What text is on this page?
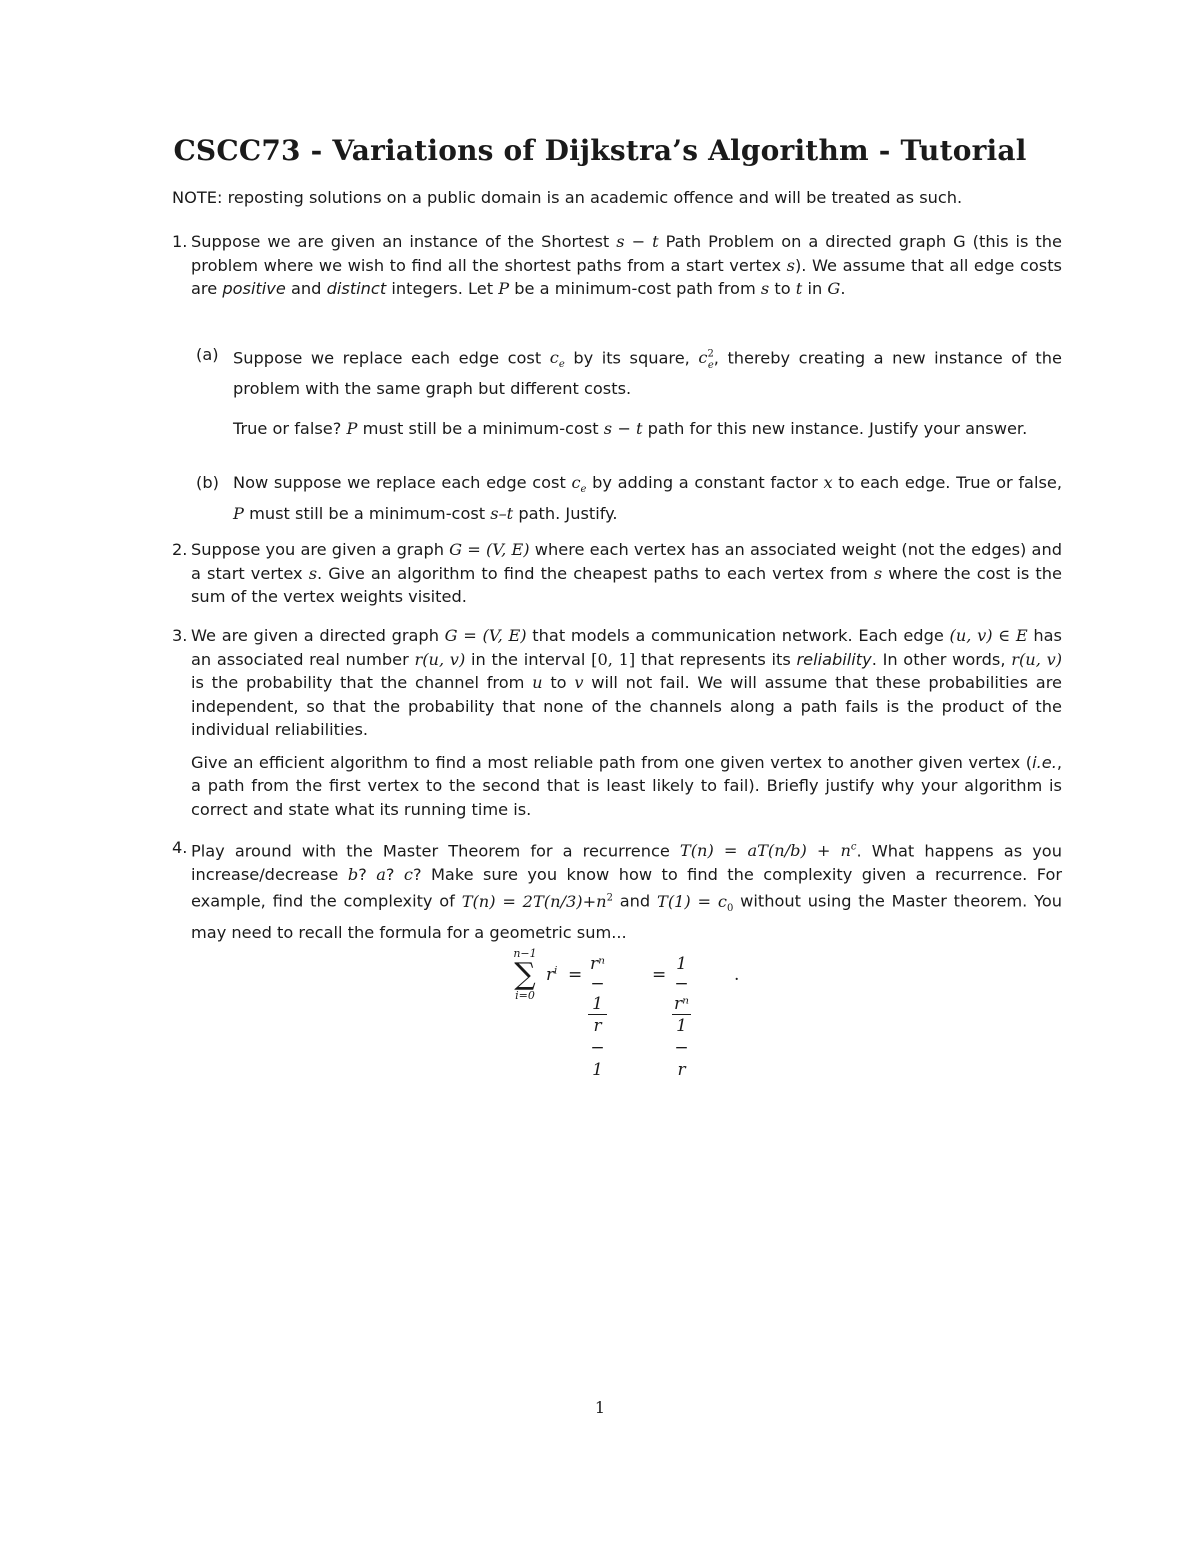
CSCC73 - Variations of Dijkstra’s Algorithm - Tutorial

NOTE: reposting solutions on a public domain is an academic offence and will be treated as such.

1. Suppose we are given an instance of the Shortest s − t Path Problem on a directed graph G (this is the problem where we wish to find all the shortest paths from a start vertex s). We assume that all edge costs are positive and distinct integers. Let P be a minimum-cost path from s to t in G.

(a) Suppose we replace each edge cost $c_e$ by its square, $c^2_e$, thereby creating a new instance of the problem with the same graph but different costs.

True or false? P must still be a minimum-cost s − t path for this new instance. Justify your answer.

(b) Now suppose we replace each edge cost $c_e$ by adding a constant factor x to each edge. True or false, P must still be a minimum-cost s–t path. Justify.

2. Suppose you are given a graph G = (V, E) where each vertex has an associated weight (not the edges) and a start vertex s. Give an algorithm to find the cheapest paths to each vertex from s where the cost is the sum of the vertex weights visited.

3. We are given a directed graph G = (V, E) that models a communication network. Each edge (u, v) ∈ E has an associated real number r(u, v) in the interval [0, 1] that represents its reliability. In other words, r(u, v) is the probability that the channel from u to v will not fail. We will assume that these probabilities are independent, so that the probability that none of the channels along a path fails is the product of the individual reliabilities.

Give an efficient algorithm to find a most reliable path from one given vertex to another given vertex (i.e., a path from the first vertex to the second that is least likely to fail). Briefly justify why your algorithm is correct and state what its running time is.

4. Play around with the Master Theorem for a recurrence $T(n) = aT(n/b) + n^c$. What happens as you increase/decrease b? a? c? Make sure you know how to find the complexity given a recurrence. For example, find the complexity of $T(n) = 2T(n/3)+n^2$ and $T(1) = c_0$ without using the Master theorem. You may need to recall the formula for a geometric sum...

n−1
∑
i=0
$r^i = \frac{\text{rⁿ − 1}}{r - 1}$	= $\frac{\text{1 − rⁿ}}{1 - r}$	.
1
